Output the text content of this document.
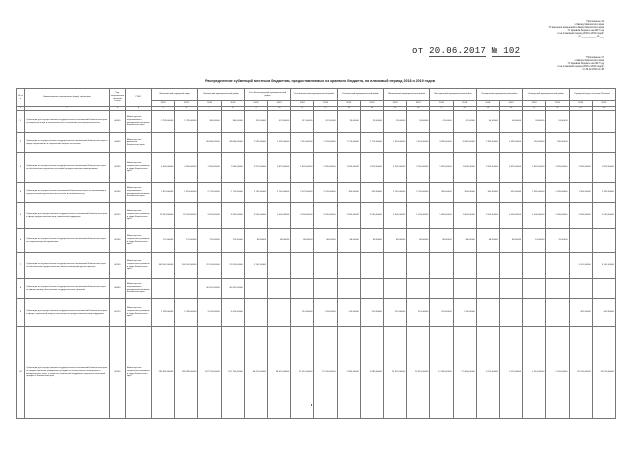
Приложение 12
к Закону Камчатского края
"О внесении изменений в Закон Камчатского края
"О краевом бюджете на 2017 год
и на плановый период 2018 и 2019 годов"
от ___________ № ___
от 20.06.2017 № 102
"Приложение 17
к Закону Камчатского края
"О краевом бюджете на 2017 год
и на плановый период 2018 и 2019 годов"
от 29.12.2016 № 38
Распределение субвенций местным бюджетам, предоставляемых из краевого бюджета, на плановый период 2018 и 2019 годов
№ п/п	Наименование направления (вида) субвенции	Код направления целевой статьи	ГРБС	Вилючинский городской округ		Елизовский муниципальный район		Усть-Большерецкий муниципальный район		Усть-Камчатский муниципальный район		Соболевский муниципальный район		Мильковский муниципальный район		Быстринский муниципальный район		Пенжинский муниципальный район		Олюторский муниципальный район		Городской округ «поселок Палана»	
				2018	2019	2018	2019	2018	2019	2018	2019	2018	2019	2018	2019	2018	2019	2018	2019	2018	2019	2018	2019
1	2	3	4	5	6	7	8	9	10	11	12	13	14	15	16	17	18	19	20	21	22	23	24
1	Субвенции для осуществления государственных полномочий Камчатского края по вопросам опеки и попечительства в отношении несовершеннолетних	40030	Министерство образования и молодежной политики Камчатского края	1 795,00000	1 795,00000	345,00000	345,00000	474,00000	474,00000	417,00000	417,00000	33,00000	33,00000	33,00000	33,00000	47,00000	47,00000	44,00000	44,00000	24,00000	24,00000		
2	Субвенции на осуществление государственных полномочий Камчатского края в сфере образования и социальной защиты населения	40040	Министерство финансов Камчатского края			48 830,00000	48 830,00000	7 595,00000	7 595,00000	7 913,00000	7 913,00000	7 714,00000	7 714,00000	7 424,00000	7 424,00000	3 992,00000	3 992,00000	1 392,00000	1 392,00000	250,00000	250,00000		
3	Субвенции на осуществление государственных полномочий Камчатского края по обеспечению отдельных категорий граждан жилыми помещениями	40130	Министерство социального развития и труда Камчатского края	4 565,00000	4 565,00000	7 590,00000	7 590,00000	2 875,00000	2 875,00000	1 825,00000	1 825,00000	1 825,00000	1 825,00000	2 205,00000	2 205,00000	1 825,00000	1 825,00000	1 825,00000	1 825,00000	1 825,00000	1 825,00000	1 825,00000	1 825,00000
4	Субвенции на осуществление полномочий Камчатского края по организации и осуществлению деятельности по опеке и попечительству	40190	Министерство образования и молодежной политики Камчатского края	1 813,00000	1 813,00000	2 715,00000	2 715,00000	2 745,00000	2 745,00000	2 075,00000	2 075,00000	355,00000	355,00000	2 745,00000	2 745,00000	355,00000	355,00000	355,00000	355,00000	1 355,00000	1 355,00000	1 355,00000	1 355,00000
5	Субвенции для осуществления государственных полномочий Камчатского края в сфере предоставления мер социальной поддержки	40120	Министерство социального развития и труда Камчатского края	22 619,00000	22 619,00000	3 205,00000	3 205,00000	2 005,00000	2 005,00000	3 205,00000	3 205,00000	2 005,00000	2 005,00000	1 005,00000	1 005,00000	1 005,00000	1 005,00000	1 005,00000	1 005,00000	1 005,00000	1 005,00000	1 005,00000	1 005,00000
6	Субвенции на осуществление государственных полномочий Камчатского края по социальному обслуживанию	40160	Министерство социального развития и труда Камчатского края	175,00000	175,00000	175,00000	175,00000	88,00000	88,00000	88,00000	88,00000	88,00000	88,00000	88,00000	88,00000	88,00000	88,00000	88,00000	88,00000	15,00000	15,00000		
7	Субвенции на осуществление государственных полномочий Камчатского края по обеспечению предоставления жилых помещений детям-сиротам	40150	Министерство социального развития и труда Камчатского края	303 001,00000	303 001,00000	22 015,00000	22 015,00000	2 101,00000														5 101,00000	5 101,00000
8	Субвенции на осуществление государственных полномочий Камчатского края по финансовому обеспечению государственных гарантий	40040	Министерство образования и молодежной политики Камчатского края			46 031,00000	46 031,00000																
9	Субвенции для осуществления государственных полномочий Камчатского края в сфере социальной защиты населения по предоставлению мер поддержки	40170	Министерство социального развития и труда Камчатского края	1 285,00000	1 285,00000	3 415,00000	3 415,00000			214,00000	214,00000	214,00000	214,00000	214,00000	214,00000	214,00000	214,00000					402,00000	402,00000
10	Субвенции для осуществления государственных полномочий Камчатского края по предоставлению гражданам субсидий на оплату жилого помещения и коммунальных услуг, а также по социальной поддержке отдельных категорий граждан в Камчатском крае	40100	Министерство социального развития и труда Камчатского края	183 995,00000	183 995,00000	187 755,00000	187 755,00000	38 414,00000	38 414,00000	27 015,00000	27 015,00000	2 995,00000	2 995,00000	23 015,00000	23 015,00000	17 405,00000	17 405,00000	1 015,00000	1 015,00000	1 015,00000	1 015,00000	32 015,00000	32 015,00000
